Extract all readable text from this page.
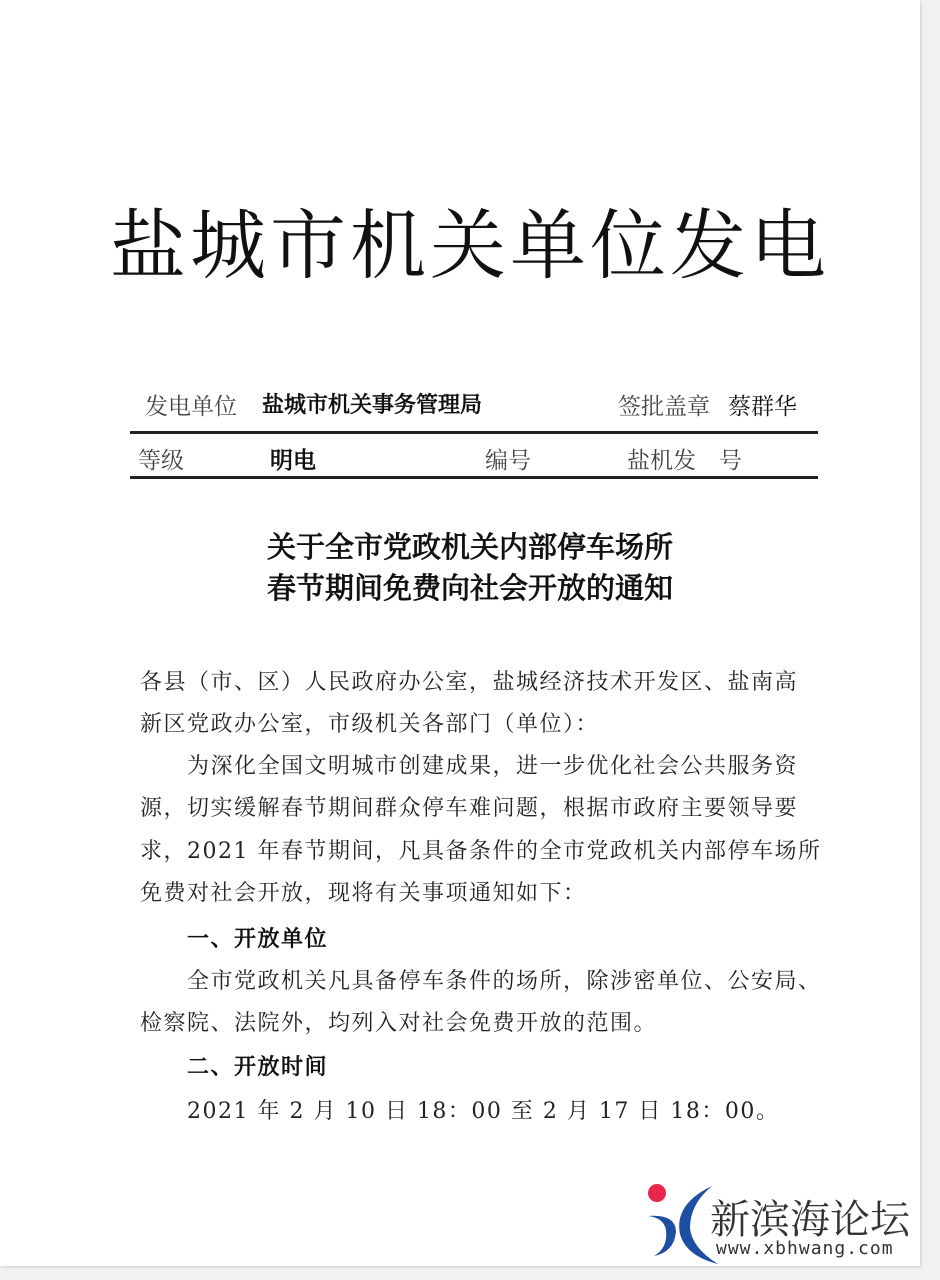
盐城市机关单位发电
发电单位 盐城市机关事务管理局	签批盖章 蔡群华
等级	明电	编号	盐机发　号
关于全市党政机关内部停车场所
春节期间免费向社会开放的通知
各县（市、区）人民政府办公室，盐城经济技术开发区、盐南高
新区党政办公室，市级机关各部门（单位）：
为深化全国文明城市创建成果，进一步优化社会公共服务资
源，切实缓解春节期间群众停车难问题，根据市政府主要领导要
求，2021 年春节期间，凡具备条件的全市党政机关内部停车场所
免费对社会开放，现将有关事项通知如下：
一、开放单位
全市党政机关凡具备停车条件的场所，除涉密单位、公安局、
检察院、法院外，均列入对社会免费开放的范围。
二、开放时间
2021 年 2 月 10 日 18：00 至 2 月 17 日 18：00。
新滨海论坛
www.xbhwang.com
